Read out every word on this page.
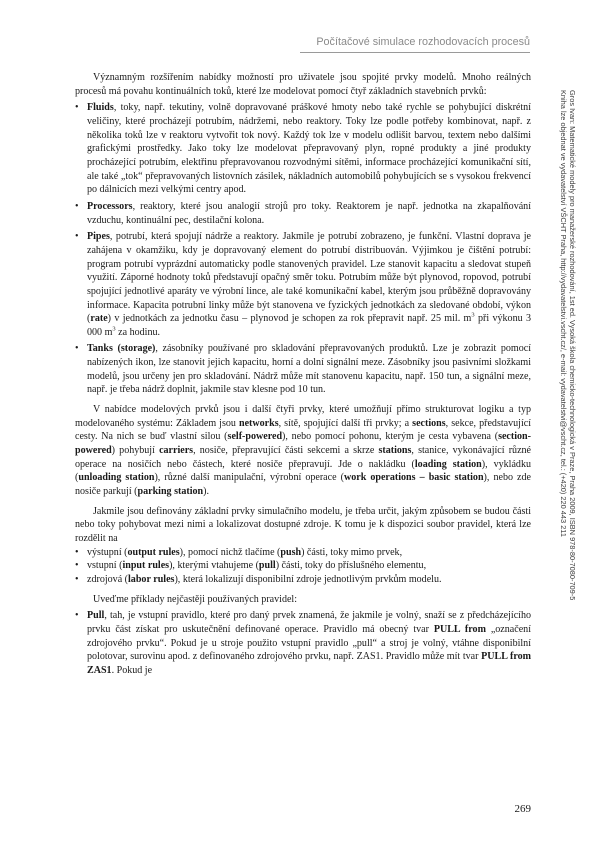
Počítačové simulace rozhodovacích procesů

Významným rozšířením nabídky možností pro uživatele jsou spojité prvky modelů. Mnoho reálných procesů má povahu kontinuálních toků, které lze modelovat pomocí čtyř základních stavebních prvků:

• Fluids, toky, např. tekutiny, volně dopravované práškové hmoty nebo také rychle se pohybující diskrétní veličiny, které procházejí potrubím, nádržemi, nebo reaktory. Toky lze podle potřeby kombinovat, např. z několika toků lze v reaktoru vytvořit tok nový. Každý tok lze v modelu odlišit barvou, textem nebo dalšími grafickými prostředky. Jako toky lze modelovat přepravovaný plyn, ropné produkty a jiné produkty procházející potrubím, elektřinu přepravovanou rozvodnými sítěmi, informace procházející komunikační sítí, ale také „tok“ přepravovaných listovních zásilek, nákladních automobilů pohybujících se s vysokou frekvencí po dálnicích mezi velkými centry apod.
• Processors, reaktory, které jsou analogií strojů pro toky. Reaktorem je např. jednotka na zkapalňování vzduchu, kontinuální pec, destilační kolona.
• Pipes, potrubí, která spojují nádrže a reaktory. Jakmile je potrubí zobrazeno, je funkční. Vlastní doprava je zahájena v okamžiku, kdy je dopravovaný element do potrubí distribuován. Výjimkou je čištění potrubí: program potrubí vyprázdní automaticky podle stanovených pravidel. Lze stanovit kapacitu a sledovat stupeň využití. Záporné hodnoty toků představují opačný směr toku. Potrubím může být plynovod, ropovod, potrubí spojující jednotlivé aparáty ve výrobní lince, ale také komunikační kabel, kterým jsou průběžně dopravovány informace. Kapacita potrubní linky může být stanovena ve fyzických jednotkách za sledované období, výkon (rate) v jednotkách za jednotku času – plynovod je schopen za rok přepravit např. 25 mil. $m^3$ při výkonu 3 000 $m^3$ za hodinu.
• Tanks (storage), zásobníky používané pro skladování přepravovaných produktů. Lze je zobrazit pomocí nabízených ikon, lze stanovit jejich kapacitu, horní a dolní signální meze. Zásobníky jsou pasivními složkami modelů, jsou určeny jen pro skladování. Nádrž může mít stanovenu kapacitu, např. 150 tun, a signální meze, např. je třeba nádrž doplnit, jakmile stav klesne pod 10 tun.

V nabídce modelových prvků jsou i další čtyři prvky, které umožňují přímo strukturovat logiku a typ modelovaného systému: Základem jsou networks, sítě, spojující další tři prvky; a sections, sekce, představující cesty. Na nich se buď vlastní silou (self-powered), nebo pomocí pohonu, kterým je cesta vybavena (section-powered) pohybují carriers, nosiče, přepravující části sekcemi a skrze stations, stanice, vykonávající různé operace na nosičích nebo částech, které nosiče přepravují. Jde o nakládku (loading station), vykládku (unloading station), různé další manipulační, výrobní operace (work operations – basic station), nebo zde nosiče parkují (parking station).

Jakmile jsou definovány základní prvky simulačního modelu, je třeba určit, jakým způsobem se budou části nebo toky pohybovat mezi nimi a lokalizovat dostupné zdroje. K tomu je k dispozici soubor pravidel, která lze rozdělit na

• výstupní (output rules), pomocí nichž tlačíme (push) části, toky mimo prvek,
• vstupní (input rules), kterými vtahujeme (pull) části, toky do příslušného elementu,
• zdrojová (labor rules), která lokalizují disponibilní zdroje jednotlivým prvkům modelu.

Uveďme příklady nejčastěji používaných pravidel:

• Pull, tah, je vstupní pravidlo, které pro daný prvek znamená, že jakmile je volný, snaží se z předcházejícího prvku část získat pro uskutečnění definované operace. Pravidlo má obecný tvar PULL from „označení zdrojového prvku“. Pokud je u stroje použito vstupní pravidlo „pull“ a stroj je volný, vtáhne disponibilní polotovar, surovinu apod. z definovaného zdrojového prvku, např. ZAS1. Pravidlo může mít tvar PULL from ZAS1. Pokud je
Gros Ivan: Matematické modely pro manažerské rozhodování, 1st ed. Vysoká škola chemicko-technologická v Praze, Praha 2009, ISBN 978-80-7080-709-5
Kniha lze objednat ve vydavatelství VŠCHT Praha, http://vydavatelstvi.vscht.cz/, e-mail: vydavatelstvi@vscht.cz, tel.: (+420) 220 443 211
269
